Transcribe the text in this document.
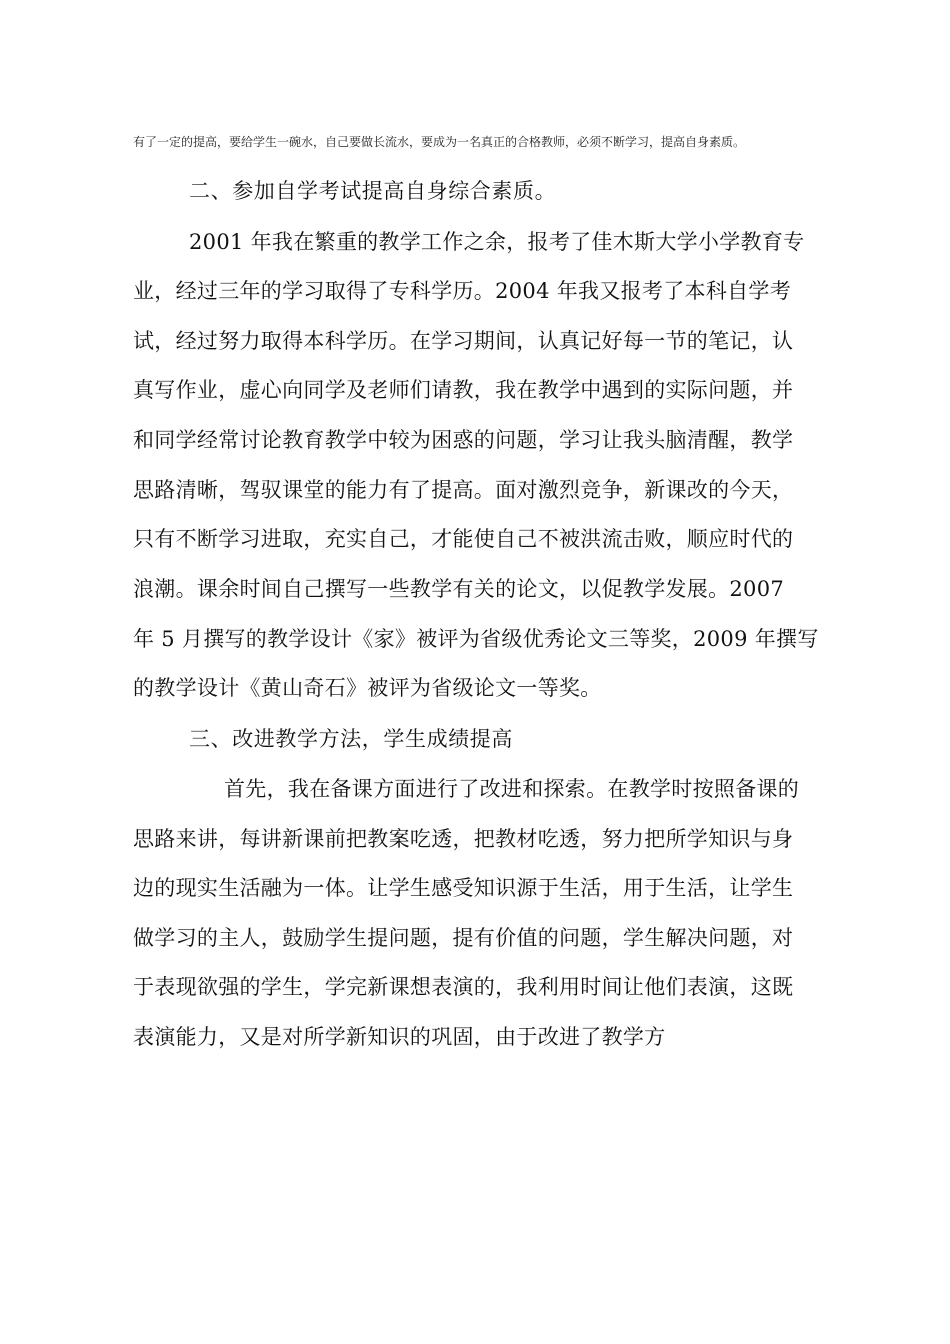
有了一定的提高，要给学生一碗水，自己要做长流水，要成为一名真正的合格教师，必须不断学习，提高自身素质。
二、参加自学考试提高自身综合素质。
2001 年我在繁重的教学工作之余，报考了佳木斯大学小学教育专
业，经过三年的学习取得了专科学历。2004 年我又报考了本科自学考
试，经过努力取得本科学历。在学习期间，认真记好每一节的笔记，认
真写作业，虚心向同学及老师们请教，我在教学中遇到的实际问题，并
和同学经常讨论教育教学中较为困惑的问题，学习让我头脑清醒，教学
思路清晰，驾驭课堂的能力有了提高。面对激烈竞争，新课改的今天，
只有不断学习进取，充实自己，才能使自己不被洪流击败，顺应时代的
浪潮。课余时间自己撰写一些教学有关的论文，以促教学发展。2007
年 5 月撰写的教学设计《家》被评为省级优秀论文三等奖，2009 年撰写
的教学设计《黄山奇石》被评为省级论文一等奖。
三、改进教学方法，学生成绩提高
首先，我在备课方面进行了改进和探索。在教学时按照备课的
思路来讲，每讲新课前把教案吃透，把教材吃透，努力把所学知识与身
边的现实生活融为一体。让学生感受知识源于生活，用于生活，让学生
做学习的主人，鼓励学生提问题，提有价值的问题，学生解决问题，对
于表现欲强的学生，学完新课想表演的，我利用时间让他们表演，这既
表演能力，又是对所学新知识的巩固，由于改进了教学方
